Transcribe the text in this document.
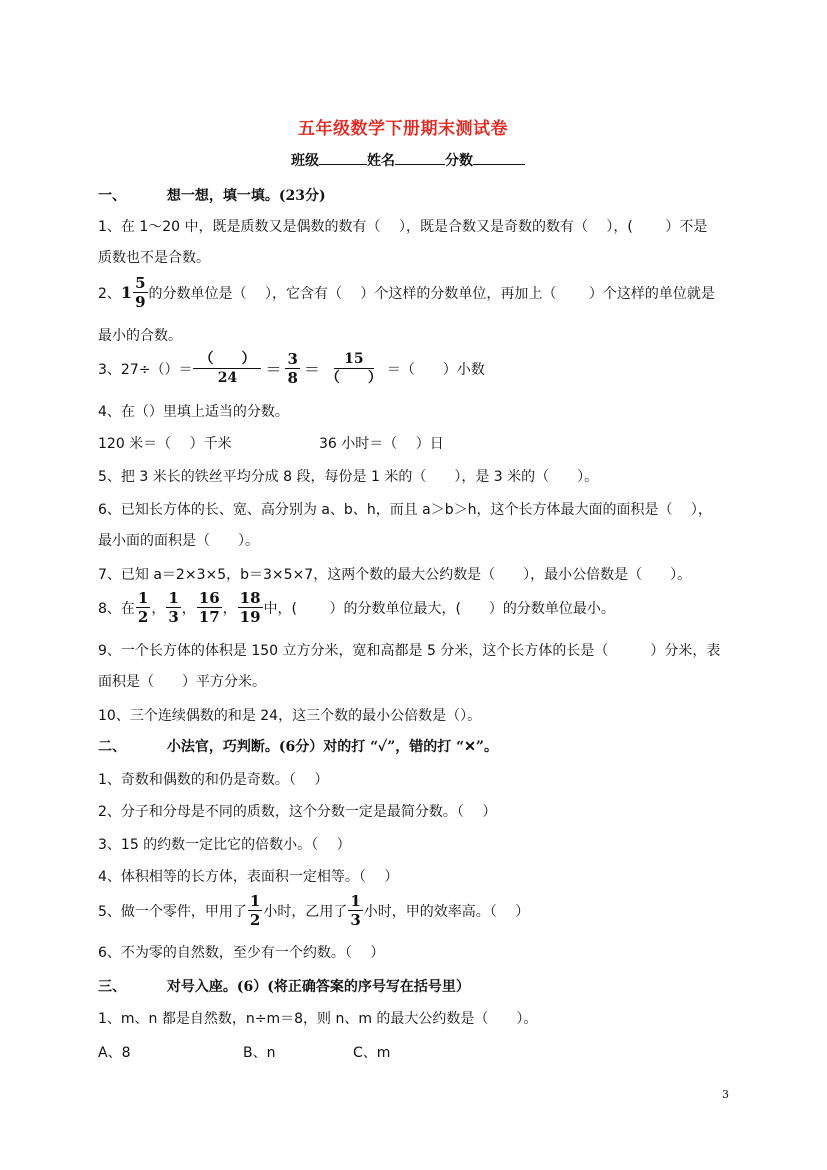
五年级数学下册期末测试卷
班级	姓名	分数
一、	想一想，填一填。(23分)
1、在 1～20 中，既是质数又是偶数的数有（　 ），既是合数又是奇数的数有（　 ），(　　 ）不是
质数也不是合数。
2、 $1 \frac{5}{9}$ 的分数单位是（　 ），它含有（　 ）个这样的分数单位，再加上（　　 ）个这样的单位就是
最小的合数。
3、$27\div()= \frac{( )}{24} = \frac{3}{8} = \frac{15}{( )}$ ＝（　　）小数
4、在（）里填上适当的分数。
120 米＝（　 ）千米	36 小时＝（　 ）日
5、把 3 米长的铁丝平均分成 8 段，每份是 1 米的（　　），是 3 米的（　　）。
6、已知长方体的长、宽、高分别为 a、b、h，而且 a＞b＞h，这个长方体最大面的面积是（　 ），
最小面的面积是（　　）。
7、已知 a＝2×3×5，b＝3×5×7，这两个数的最大公约数是（　　），最小公倍数是（　　）。
8、在 $\frac{1}{2}$ ， $\frac{1}{3}$ ， $\frac{16}{17}$ ， $\frac{18}{19}$ 中，(　　 ）的分数单位最大，(　　）的分数单位最小。
9、一个长方体的体积是 150 立方分米，宽和高都是 5 分米，这个长方体的长是（　　　）分米，表
面积是（　　）平方分米。
10、三个连续偶数的和是 24，这三个数的最小公倍数是（）。
二、	小法官，巧判断。(6分）对的打 “✓”，错的打 “✕”。
1、奇数和偶数的和仍是奇数。（　 ）
2、分子和分母是不同的质数，这个分数一定是最简分数。（　 ）
3、15 的约数一定比它的倍数小。（　 ）
4、体积相等的长方体，表面积一定相等。（　 ）
5、做一个零件，甲用了 $\frac{1}{2}$ 小时，乙用了 $\frac{1}{3}$ 小时，甲的效率高。（　 ）
6、不为零的自然数，至少有一个约数。（　 ）
三、	对号入座。(6）(将正确答案的序号写在括号里）
1、m、n 都是自然数，n÷m＝8，则 n、m 的最大公约数是（　　）。
A、8	B、n	C、m
3
